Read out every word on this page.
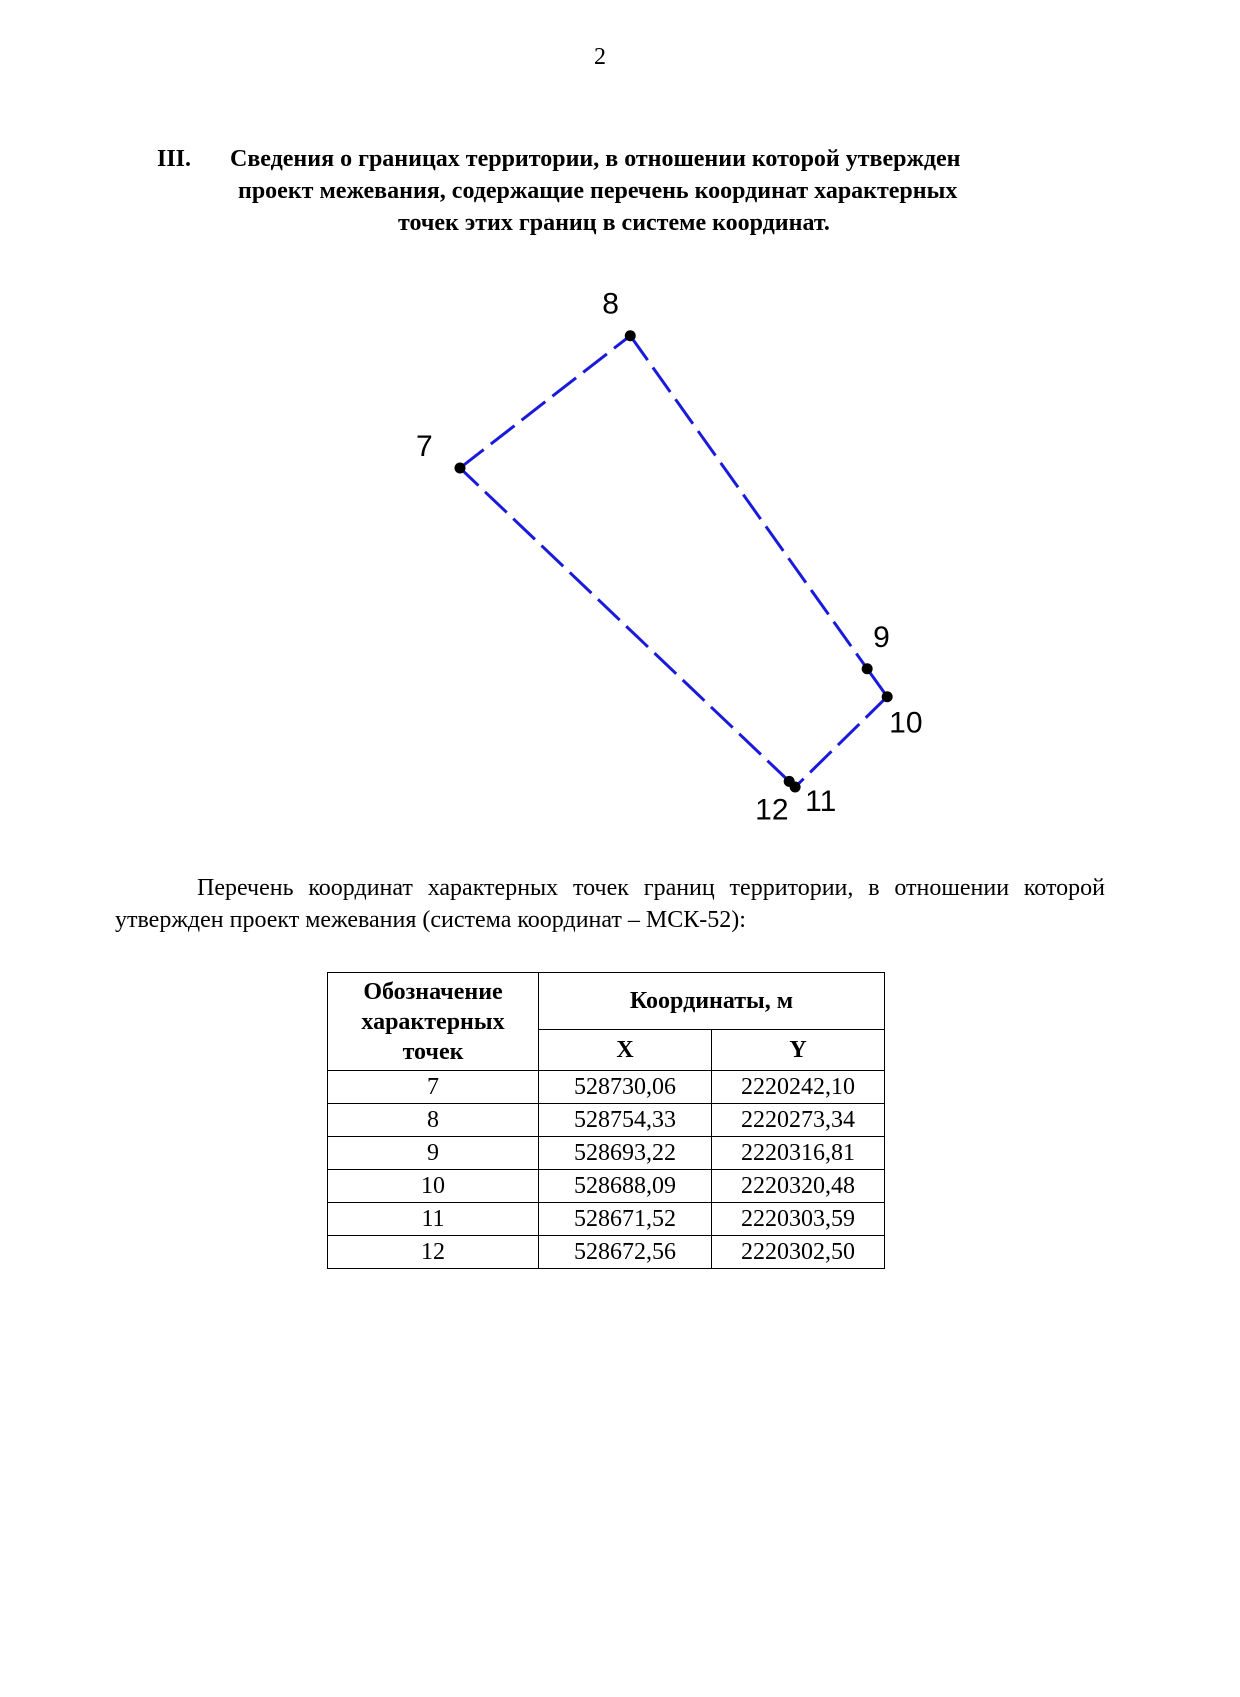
2
III. Сведения о границах территории, в отношении которой утвержден
проект межевания, содержащие перечень координат характерных
точек этих границ в системе координат.
7
8
9
10
11
12

Перечень координат характерных точек границ территории, в отношении которой утвержден проект межевания (система координат – МСК-52):

Обозначение
характерных
точек	Координаты, м	
	X	Y
7	528730,06	2220242,10
8	528754,33	2220273,34
9	528693,22	2220316,81
10	528688,09	2220320,48
11	528671,52	2220303,59
12	528672,56	2220302,50
